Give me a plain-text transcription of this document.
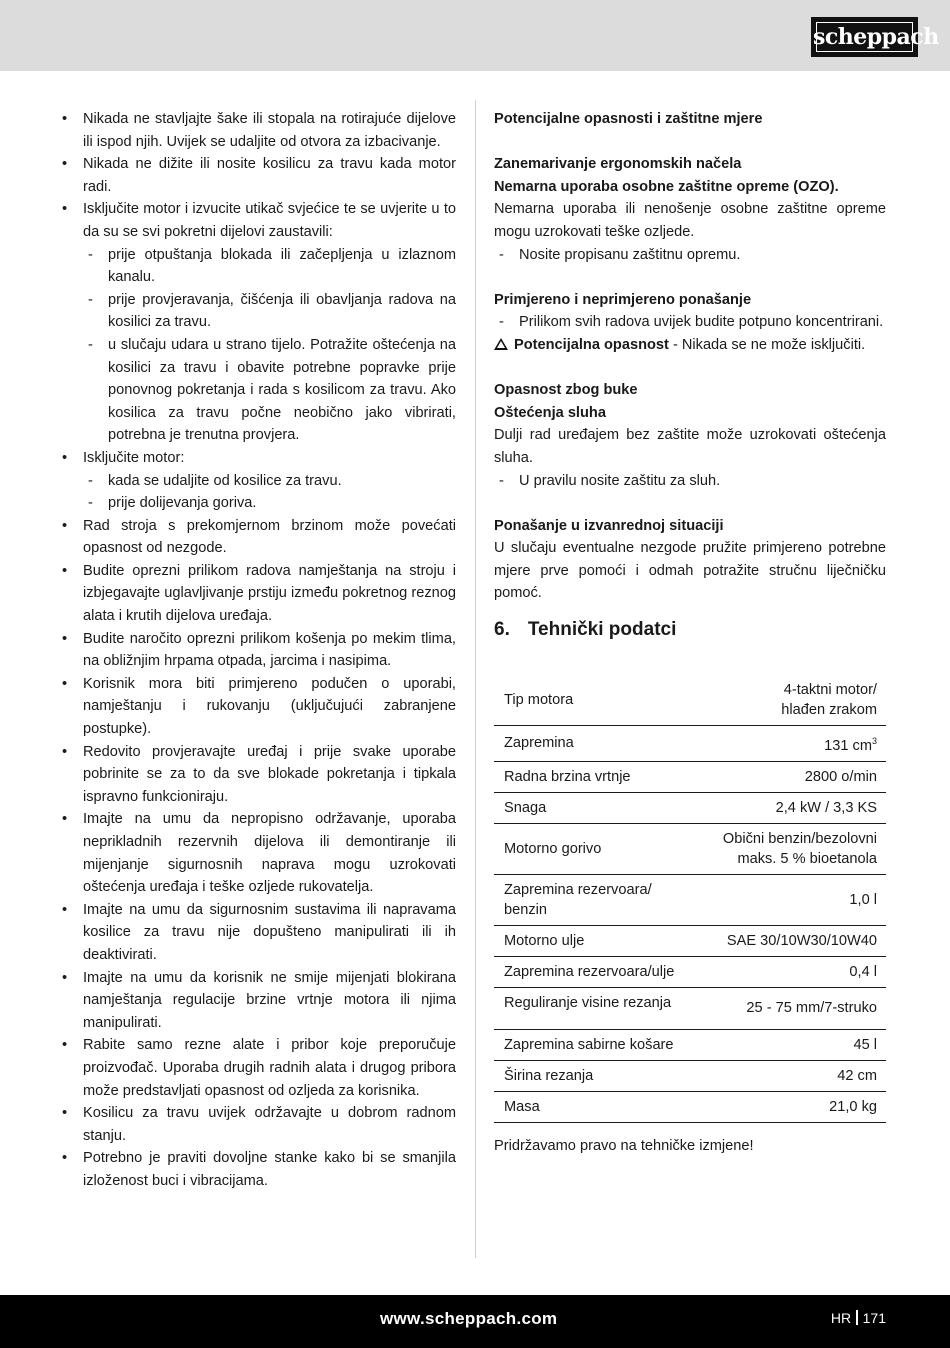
scheppach
• Nikada ne stavljajte šake ili stopala na rotirajuće dijelove ili ispod njih. Uvijek se udaljite od otvora za izbacivanje.
• Nikada ne dižite ili nosite kosilicu za travu kada motor radi.
• Isključite motor i izvucite utikač svjećice te se uvjerite u to da su se svi pokretni dijelovi zaustavili:
- prije otpuštanja blokada ili začepljenja u izlaznom kanalu.
- prije provjeravanja, čišćenja ili obavljanja radova na kosilici za travu.
- u slučaju udara u strano tijelo. Potražite oštećenja na kosilici za travu i obavite potrebne popravke prije ponovnog pokretanja i rada s kosilicom za travu. Ako kosilica za travu počne neobično jako vibrirati, potrebna je trenutna provjera.
• Isključite motor:
- kada se udaljite od kosilice za travu.
- prije dolijevanja goriva.
• Rad stroja s prekomjernom brzinom može povećati opasnost od nezgode.
• Budite oprezni prilikom radova namještanja na stroju i izbjegavajte uglavljivanje prstiju između pokretnog reznog alata i krutih dijelova uređaja.
• Budite naročito oprezni prilikom košenja po mekim tlima, na obližnjim hrpama otpada, jarcima i nasipima.
• Korisnik mora biti primjereno podučen o uporabi, namještanju i rukovanju (uključujući zabranjene postupke).
• Redovito provjeravajte uređaj i prije svake uporabe pobrinite se za to da sve blokade pokretanja i tipkala ispravno funkcioniraju.
• Imajte na umu da nepropisno održavanje, uporaba neprikladnih rezervnih dijelova ili demontiranje ili mijenjanje sigurnosnih naprava mogu uzrokovati oštećenja uređaja i teške ozljede rukovatelja.
• Imajte na umu da sigurnosnim sustavima ili napravama kosilice za travu nije dopušteno manipulirati ili ih deaktivirati.
• Imajte na umu da korisnik ne smije mijenjati blokirana namještanja regulacije brzine vrtnje motora ili njima manipulirati.
• Rabite samo rezne alate i pribor koje preporučuje proizvođač. Uporaba drugih radnih alata i drugog pribora može predstavljati opasnost od ozljeda za korisnika.
• Kosilicu za travu uvijek održavajte u dobrom radnom stanju.
• Potrebno je praviti dovoljne stanke kako bi se smanjila izloženost buci i vibracijama.
Potencijalne opasnosti i zaštitne mjere
Zanemarivanje ergonomskih načela
Nemarna uporaba osobne zaštitne opreme (OZO).
Nemarna uporaba ili nenošenje osobne zaštitne opreme mogu uzrokovati teške ozljede.
- Nosite propisanu zaštitnu opremu.
Primjereno i neprimjereno ponašanje
- Prilikom svih radova uvijek budite potpuno koncentrirani.
Potencijalna opasnost - Nikada se ne može isključiti.
Opasnost zbog buke
Oštećenja sluha
Dulji rad uređajem bez zaštite može uzrokovati oštećenja sluha.
- U pravilu nosite zaštitu za sluh.
Ponašanje u izvanrednoj situaciji
U slučaju eventualne nezgode pružite primjereno potrebne mjere prve pomoći i odmah potražite stručnu liječničku pomoć.
6. Tehnički podatci
Tip motora	4-taktni motor/
hlađen zrakom
Zapremina	131 $cm^3$
Radna brzina vrtnje	2800 o/min
Snaga	2,4 kW / 3,3 KS
Motorno gorivo	Obični benzin/bezolovni
maks. 5 % bioetanola
Zapremina rezervoara/
benzin	1,0 l
Motorno ulje	SAE 30/10W30/10W40
Zapremina rezervoara/ulje	0,4 l
Reguliranje visine rezanja	25 - 75 mm/7-struko
Zapremina sabirne košare	45 l
Širina rezanja	42 cm
Masa	21,0 kg
Pridržavamo pravo na tehničke izmjene!
www.scheppach.com	HR 171
